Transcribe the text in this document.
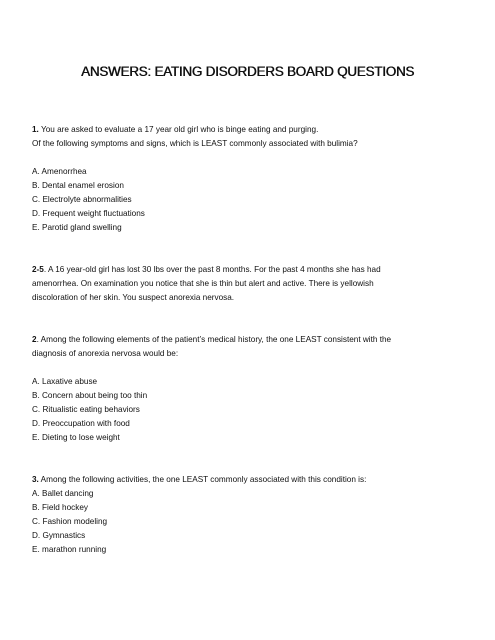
ANSWERS: EATING DISORDERS BOARD QUESTIONS
1. You are asked to evaluate a 17 year old girl who is binge eating and purging.
Of the following symptoms and signs, which is LEAST commonly associated with bulimia?
A. Amenorrhea
B. Dental enamel erosion
C. Electrolyte abnormalities
D. Frequent weight fluctuations
E. Parotid gland swelling
2-5. A 16 year-old girl has lost 30 lbs over the past 8 months. For the past 4 months she has had
amenorrhea. On examination you notice that she is thin but alert and active. There is yellowish
discoloration of her skin. You suspect anorexia nervosa.
2. Among the following elements of the patient’s medical history, the one LEAST consistent with the
diagnosis of anorexia nervosa would be:
A. Laxative abuse
B. Concern about being too thin
C. Ritualistic eating behaviors
D. Preoccupation with food
E. Dieting to lose weight
3. Among the following activities, the one LEAST commonly associated with this condition is:
A. Ballet dancing
B. Field hockey
C. Fashion modeling
D. Gymnastics
E. marathon running
